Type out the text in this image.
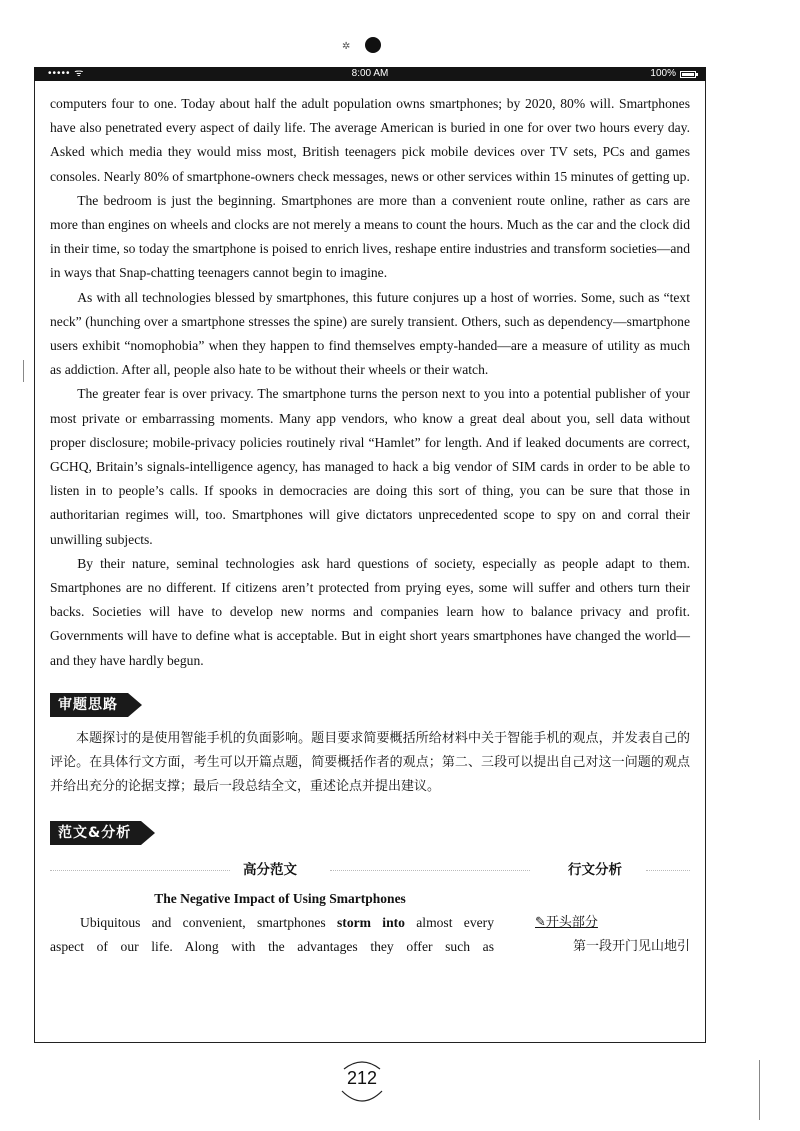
✲
••••• ᯤ	8:00 AM	100%

computers four to one. Today about half the adult population owns smartphones; by 2020, 80% will. Smartphones have also penetrated every aspect of daily life. The average American is buried in one for over two hours every day. Asked which media they would miss most, British teenagers pick mobile devices over TV sets, PCs and games consoles. Nearly 80% of smartphone-owners check messages, news or other services within 15 minutes of getting up.

The bedroom is just the beginning. Smartphones are more than a convenient route online, rather as cars are more than engines on wheels and clocks are not merely a means to count the hours. Much as the car and the clock did in their time, so today the smartphone is poised to enrich lives, reshape entire industries and transform societies—and in ways that Snap-chatting teenagers cannot begin to imagine.

As with all technologies blessed by smartphones, this future conjures up a host of worries. Some, such as “text neck” (hunching over a smartphone stresses the spine) are surely transient. Others, such as dependency—smartphone users exhibit “nomophobia” when they happen to find themselves empty-handed—are a measure of utility as much as addiction. After all, people also hate to be without their wheels or their watch.

The greater fear is over privacy. The smartphone turns the person next to you into a potential publisher of your most private or embarrassing moments. Many app vendors, who know a great deal about you, sell data without proper disclosure; mobile-privacy policies routinely rival “Hamlet” for length. And if leaked documents are correct, GCHQ, Britain’s signals-intelligence agency, has managed to hack a big vendor of SIM cards in order to be able to listen in to people’s calls. If spooks in democracies are doing this sort of thing, you can be sure that those in authoritarian regimes will, too. Smartphones will give dictators unprecedented scope to spy on and corral their unwilling subjects.

By their nature, seminal technologies ask hard questions of society, especially as people adapt to them. Smartphones are no different. If citizens aren’t protected from prying eyes, some will suffer and others turn their backs. Societies will have to develop new norms and companies learn how to balance privacy and profit. Governments will have to define what is acceptable. But in eight short years smartphones have changed the world—and they have hardly begun.

审题思路

本题探讨的是使用智能手机的负面影响。题目要求简要概括所给材料中关于智能手机的观点，并发表自己的评论。在具体行文方面，考生可以开篇点题，简要概括作者的观点；第二、三段可以提出自己对这一问题的观点并给出充分的论据支撑；最后一段总结全文，重述论点并提出建议。

范文&分析
高分范文	行文分析
The Negative Impact of Using Smartphones
Ubiquitous and convenient, smartphones storm into almost every	✎开头部分
aspect of our life. Along with the advantages they offer such as	第一段开门见山地引
212
